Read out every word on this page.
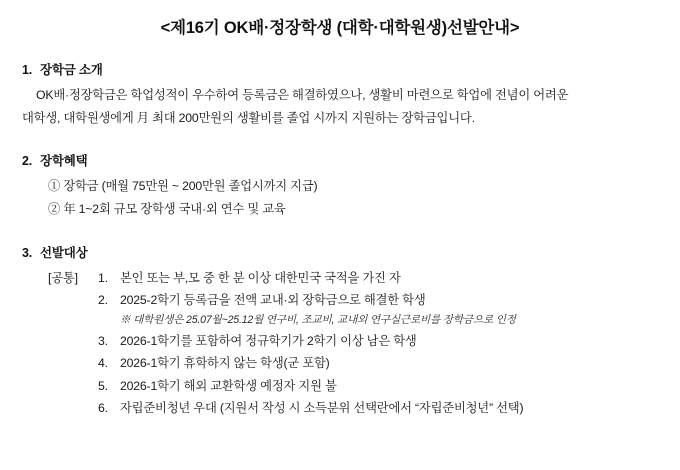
<제16기 OK배·정장학생 (대학·대학원생)선발안내>
1. 장학금 소개
OK배·정장학금은 학업성적이 우수하여 등록금은 해결하였으나, 생활비 마련으로 학업에 전념이 어려운
대학생, 대학원생에게 月 최대 200만원의 생활비를 졸업 시까지 지원하는 장학금입니다.
2. 장학혜택
① 장학금 (매월 75만원 ~ 200만원 졸업시까지 지급)
② 年 1~2회 규모 장학생 국내·외 연수 및 교육
3. 선발대상
[공통]	1. 본인 또는 부,모 중 한 분 이상 대한민국 국적을 가진 자
2. 2025-2학기 등록금을 전액 교내·외 장학금으로 해결한 학생
※ 대학원생은 25.07월~25.12월 연구비, 조교비, 교내외 연구실근로비를 장학금으로 인정
3. 2026-1학기를 포함하여 정규학기가 2학기 이상 남은 학생
4. 2026-1학기 휴학하지 않는 학생(군 포함)
5. 2026-1학기 해외 교환학생 예정자 지원 불
6. 자립준비청년 우대 (지원서 작성 시 소득분위 선택란에서 “자립준비청년” 선택)
